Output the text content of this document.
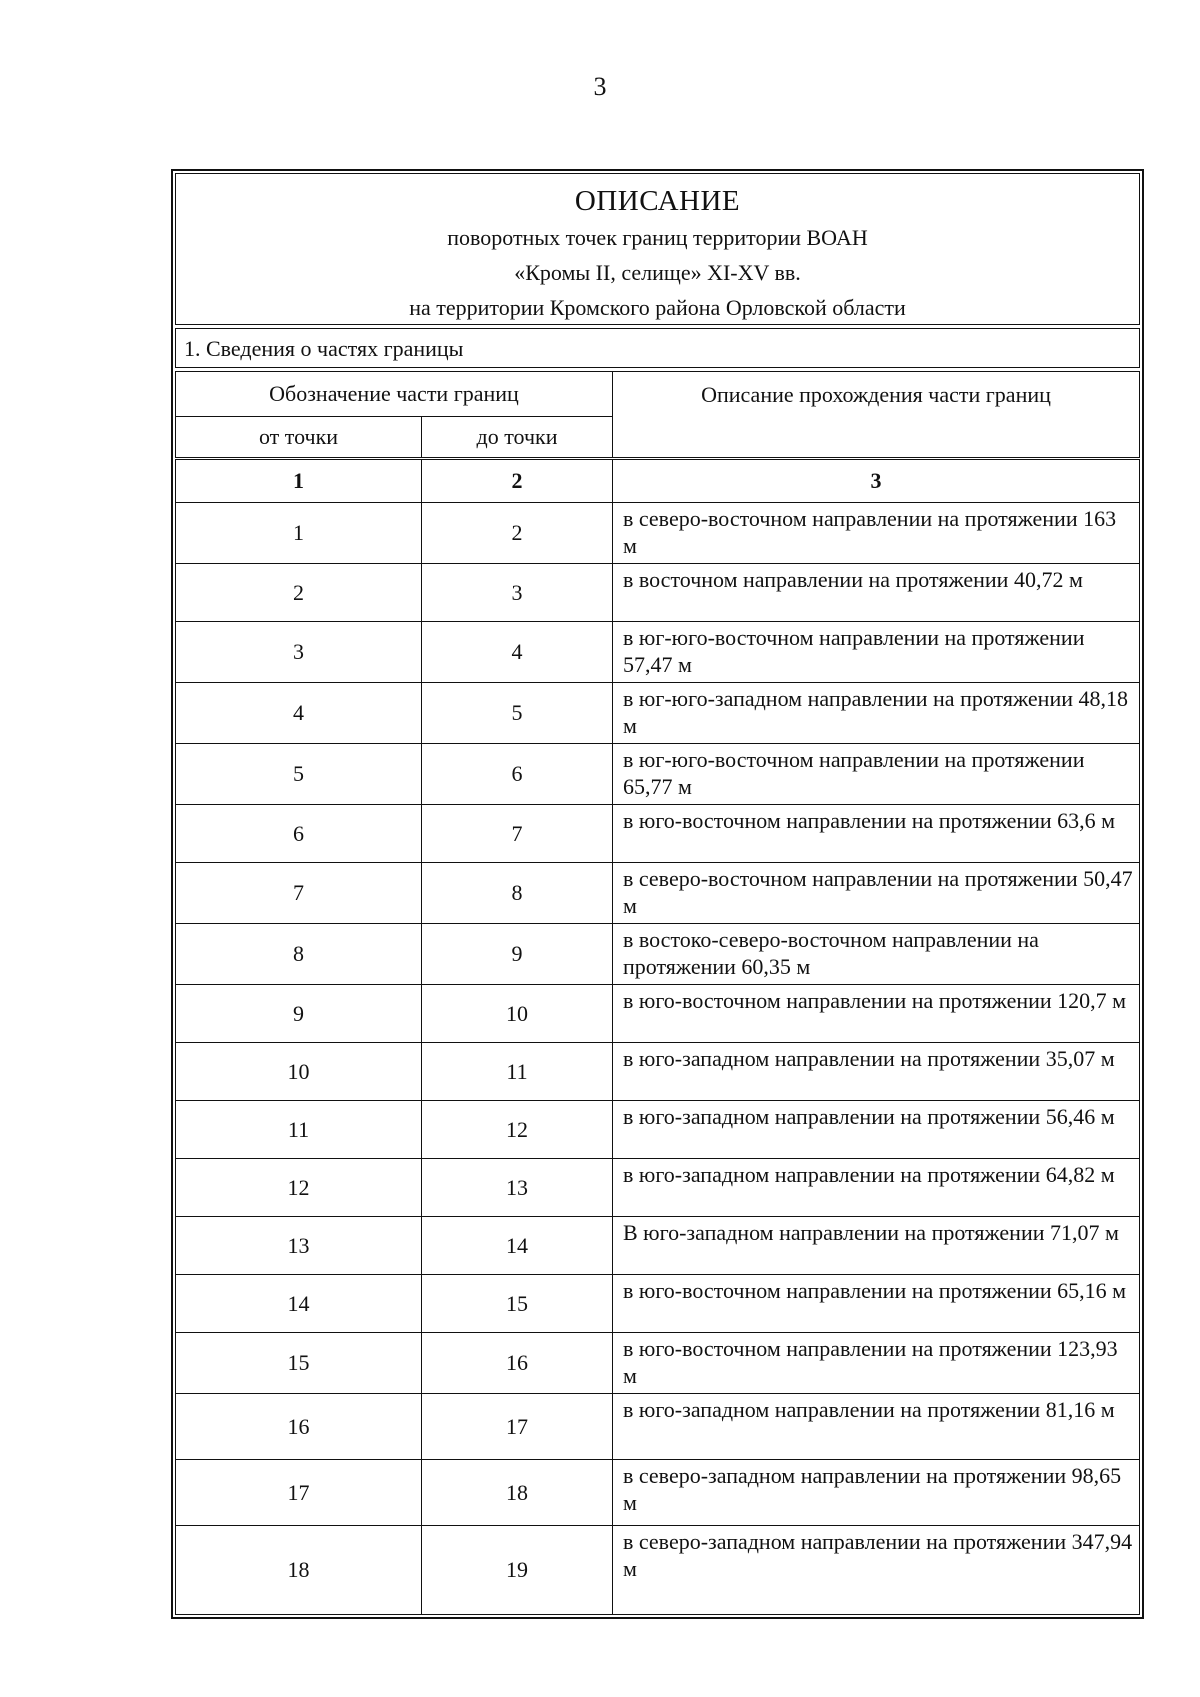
3
ОПИСАНИЕ
поворотных точек границ территории ВОАН
«Кромы II, селище» XI-XV вв.
на территории Кромского района Орловской области
1. Сведения о частях границы
Обозначение части границ		Описание прохождения части границ
от точки	до точки	
1	2	3
1	2	в северо-восточном направлении на протяжении 163 м
2	3	в восточном направлении на протяжении 40,72 м
3	4	в юг-юго-восточном направлении на протяжении 57,47 м
4	5	в юг-юго-западном направлении на протяжении 48,18 м
5	6	в юг-юго-восточном направлении на протяжении 65,77 м
6	7	в юго-восточном направлении на протяжении 63,6 м
7	8	в северо-восточном направлении на протяжении 50,47 м
8	9	в востоко-северо-восточном направлении на протяжении 60,35 м
9	10	в юго-восточном направлении на протяжении 120,7 м
10	11	в юго-западном направлении на протяжении 35,07 м
11	12	в юго-западном направлении на протяжении 56,46 м
12	13	в юго-западном направлении на протяжении 64,82 м
13	14	В юго-западном направлении на протяжении 71,07 м
14	15	в юго-восточном направлении на протяжении 65,16 м
15	16	в юго-восточном направлении на протяжении 123,93 м
16	17	в юго-западном направлении на протяжении 81,16 м
17	18	в северо-западном направлении на протяжении 98,65 м
18	19	в северо-западном направлении на протяжении 347,94 м
